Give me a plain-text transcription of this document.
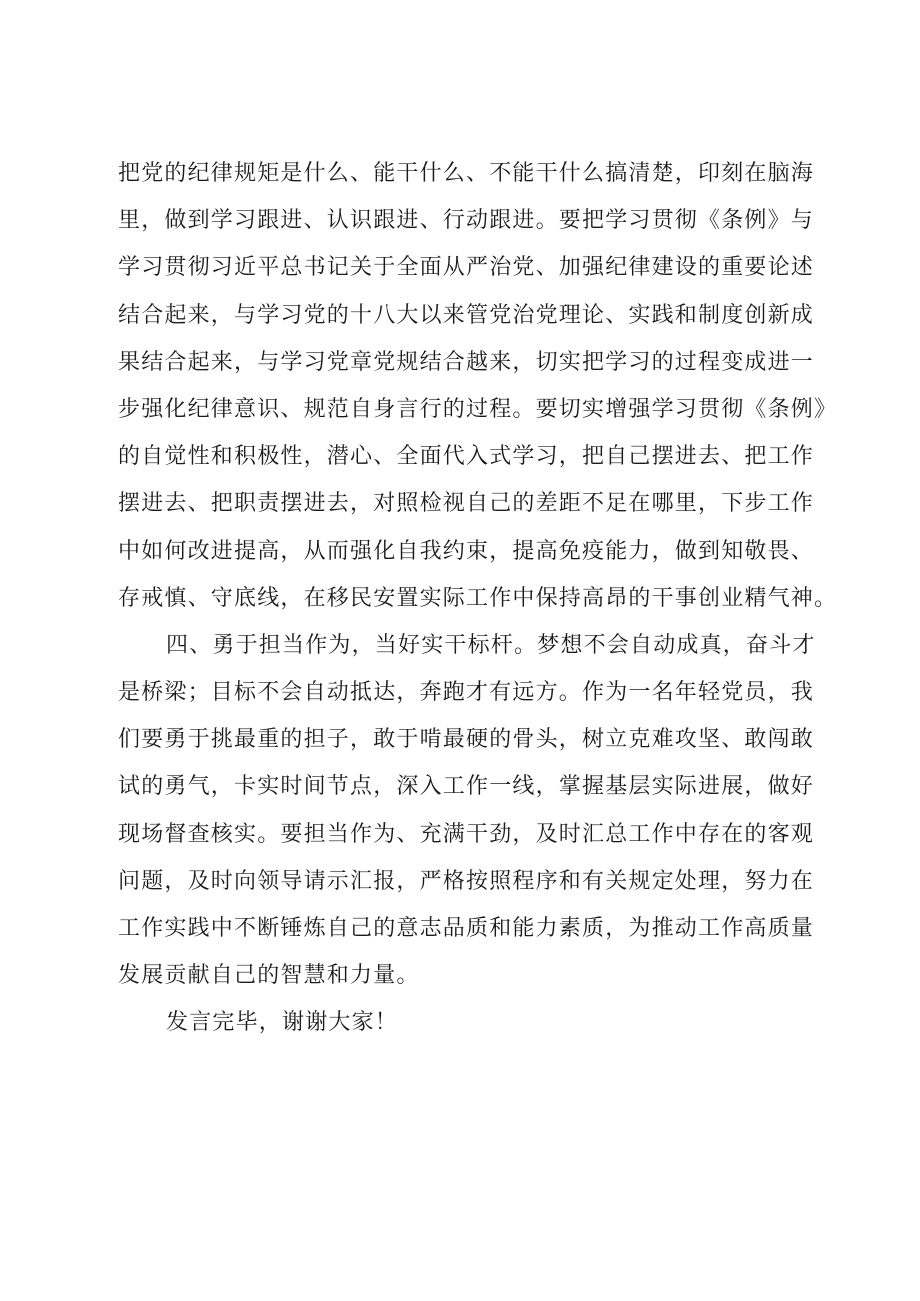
把党的纪律规矩是什么、能干什么、不能干什么搞清楚，印刻在脑海
里，做到学习跟进、认识跟进、行动跟进。要把学习贯彻《条例》与
学习贯彻习近平总书记关于全面从严治党、加强纪律建设的重要论述
结合起来，与学习党的十八大以来管党治党理论、实践和制度创新成
果结合起来，与学习党章党规结合越来，切实把学习的过程变成进一
步强化纪律意识、规范自身言行的过程。要切实增强学习贯彻《条例》
的自觉性和积极性，潜心、全面代入式学习，把自己摆进去、把工作
摆进去、把职责摆进去，对照检视自己的差距不足在哪里，下步工作
中如何改进提高，从而强化自我约束，提高免疫能力，做到知敬畏、
存戒慎、守底线，在移民安置实际工作中保持高昂的干事创业精气神。
四、勇于担当作为，当好实干标杆。梦想不会自动成真，奋斗才
是桥梁；目标不会自动抵达，奔跑才有远方。作为一名年轻党员，我
们要勇于挑最重的担子，敢于啃最硬的骨头，树立克难攻坚、敢闯敢
试的勇气，卡实时间节点，深入工作一线，掌握基层实际进展，做好
现场督查核实。要担当作为、充满干劲，及时汇总工作中存在的客观
问题，及时向领导请示汇报，严格按照程序和有关规定处理，努力在
工作实践中不断锤炼自己的意志品质和能力素质，为推动工作高质量
发展贡献自己的智慧和力量。
发言完毕，谢谢大家！
